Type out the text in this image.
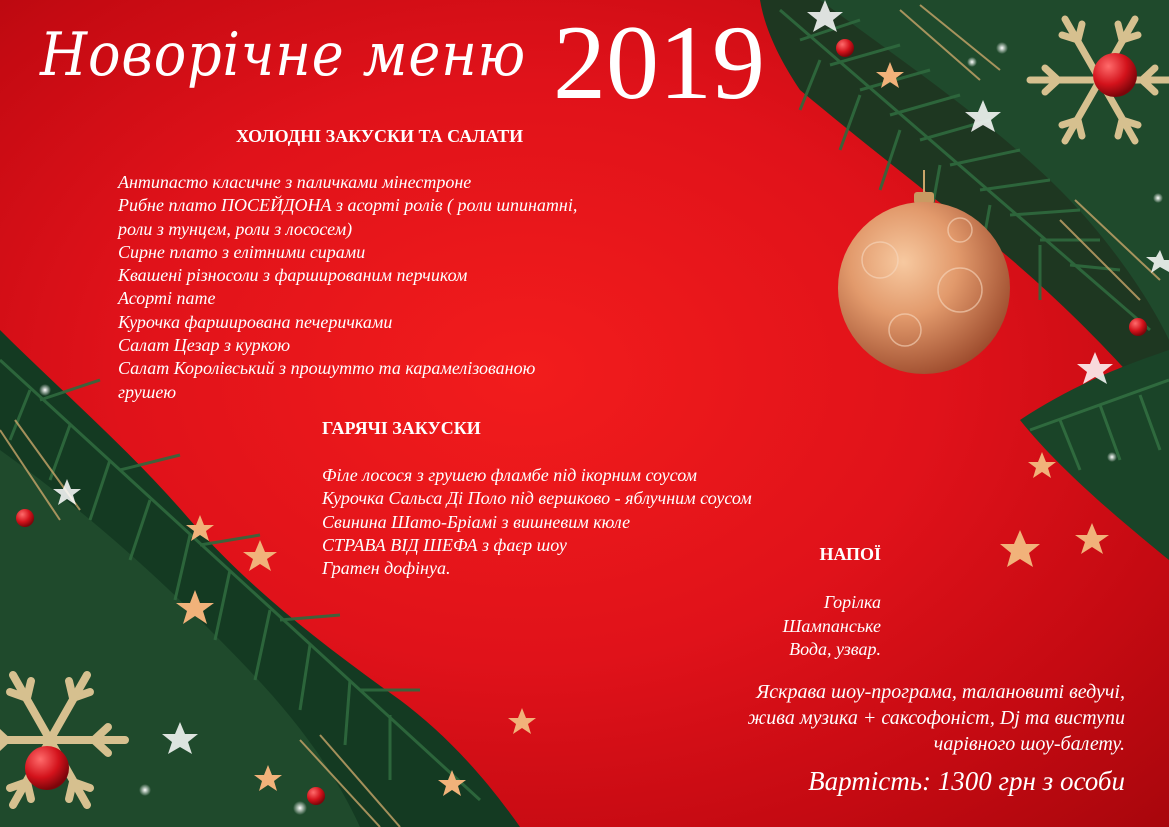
Новорічне меню 2019
ХОЛОДНІ ЗАКУСКИ ТА САЛАТИ
Антипасто класичне з паличками мінестроне
Рибне плато ПОСЕЙДОНА з асорті ролів ( роли шпинатні,
роли з тунцем, роли з лососем)
Сирне плато з елітними сирами
Квашені різносоли з фаршированим перчиком
Асорті пате
Курочка фарширована печеричками
Салат Цезар з куркою
Салат Королівський з прошутто та карамелізованою
грушею
ГАРЯЧІ ЗАКУСКИ
Філе лосося з грушею фламбе під ікорним соусом
Курочка Сальса Ді Поло під вершково - яблучним соусом
Свинина Шато-Бріамі з вишневим кюле
СТРАВА ВІД ШЕФА з фаєр шоу
Гратен дофінуа.
НАПОЇ
Горілка
Шампанське
Вода, узвар.
Яскрава шоу-програма, талановиті ведучі,
жива музика + саксофоніст, Dj та виступи
чарівного шоу-балету.
Вартість: 1300 грн з особи
